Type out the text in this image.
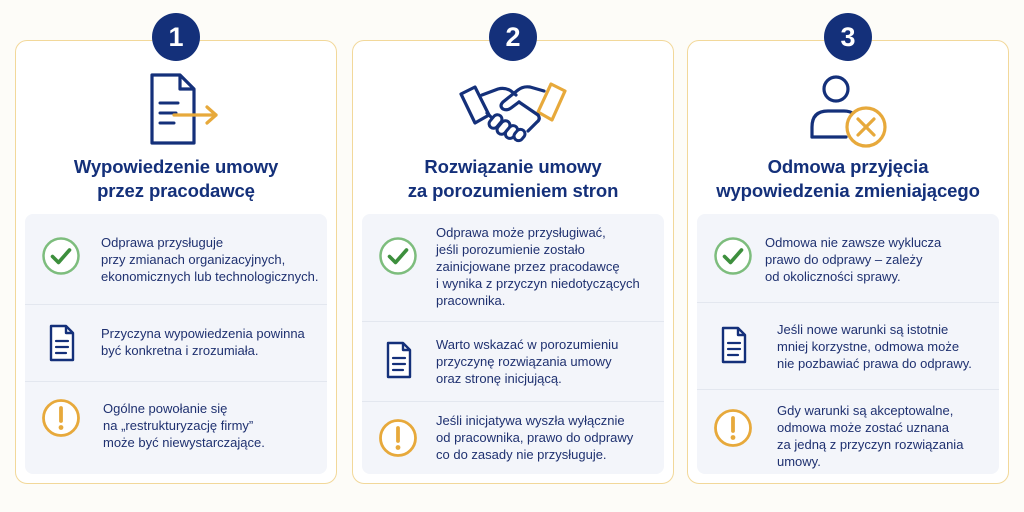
1
Wypowiedzenie umowy
przez pracodawcę
Odprawa przysługuje
przy zmianach organizacyjnych,
ekonomicznych lub technologicznych.
Przyczyna wypowiedzenia powinna
być konkretna i zrozumiała.
Ogólne powołanie się
na „restrukturyzację firmy”
może być niewystarczające.
2
Rozwiązanie umowy
za porozumieniem stron
Odprawa może przysługiwać,
jeśli porozumienie zostało
zainicjowane przez pracodawcę
i wynika z przyczyn niedotyczących
pracownika.
Warto wskazać w porozumieniu
przyczynę rozwiązania umowy
oraz stronę inicjującą.
Jeśli inicjatywa wyszła wyłącznie
od pracownika, prawo do odprawy
co do zasady nie przysługuje.
3
Odmowa przyjęcia
wypowiedzenia zmieniającego
Odmowa nie zawsze wyklucza
prawo do odprawy – zależy
od okoliczności sprawy.
Jeśli nowe warunki są istotnie
mniej korzystne, odmowa może
nie pozbawiać prawa do odprawy.
Gdy warunki są akceptowalne,
odmowa może zostać uznana
za jedną z przyczyn rozwiązania
umowy.
